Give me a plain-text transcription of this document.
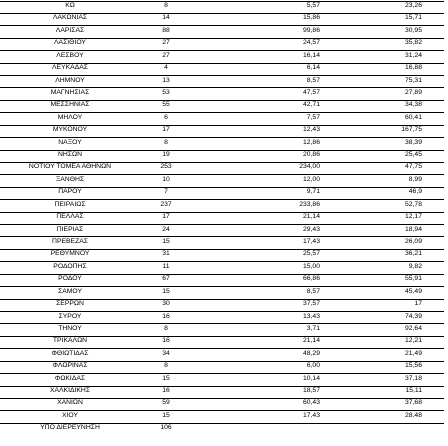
ΚΩ	8	5,57	23,26
ΛΑΚΩΝΙΑΣ	14	15,86	15,71
ΛΑΡΙΣΑΣ	88	99,86	30,95
ΛΑΣΙΘΙΟΥ	27	24,57	35,82
ΛΕΣΒΟΥ	27	16,14	31,24
ΛΕΥΚΑΔΑΣ	4	6,14	16,88
ΛΗΜΝΟΥ	13	8,57	75,31
ΜΑΓΝΗΣΙΑΣ	53	47,57	27,89
ΜΕΣΣΗΝΙΑΣ	55	42,71	34,38
ΜΗΛΟΥ	6	7,57	60,41
ΜΥΚΟΝΟΥ	17	12,43	167,75
ΝΑΞΟΥ	8	12,86	38,39
ΝΗΣΩΝ	19	20,86	25,45
ΝΟΤΙΟΥ ΤΟΜΕΑ ΑΘΗΝΩΝ	253	234,00	47,75
ΞΑΝΘΗΣ	10	12,00	8,99
ΠΑΡΟΥ	7	9,71	46,9
ΠΕΙΡΑΙΩΣ	237	233,86	52,78
ΠΕΛΛΑΣ	17	21,14	12,17
ΠΙΕΡΙΑΣ	24	29,43	18,94
ΠΡΕΒΕΖΑΣ	15	17,43	26,09
ΡΕΘΥΜΝΟΥ	31	25,57	36,21
ΡΟΔΟΠΗΣ	11	15,00	9,82
ΡΟΔΟΥ	67	66,86	55,91
ΣΑΜΟΥ	15	8,57	45,49
ΣΕΡΡΩΝ	30	37,57	17
ΣΥΡΟΥ	16	13,43	74,39
ΤΗΝΟΥ	8	3,71	92,64
ΤΡΙΚΑΛΩΝ	16	21,14	12,21
ΦΘΙΩΤΙΔΑΣ	34	48,29	21,49
ΦΛΩΡΙΝΑΣ	8	6,00	15,56
ΦΩΚΙΔΑΣ	15	10,14	37,18
ΧΑΛΚΙΔΙΚΗΣ	16	18,57	15,11
ΧΑΝΙΩΝ	59	60,43	37,68
ΧΙΟΥ	15	17,43	28,48
ΥΠΟ ΔΙΕΡΕΥΝΗΣΗ	106
